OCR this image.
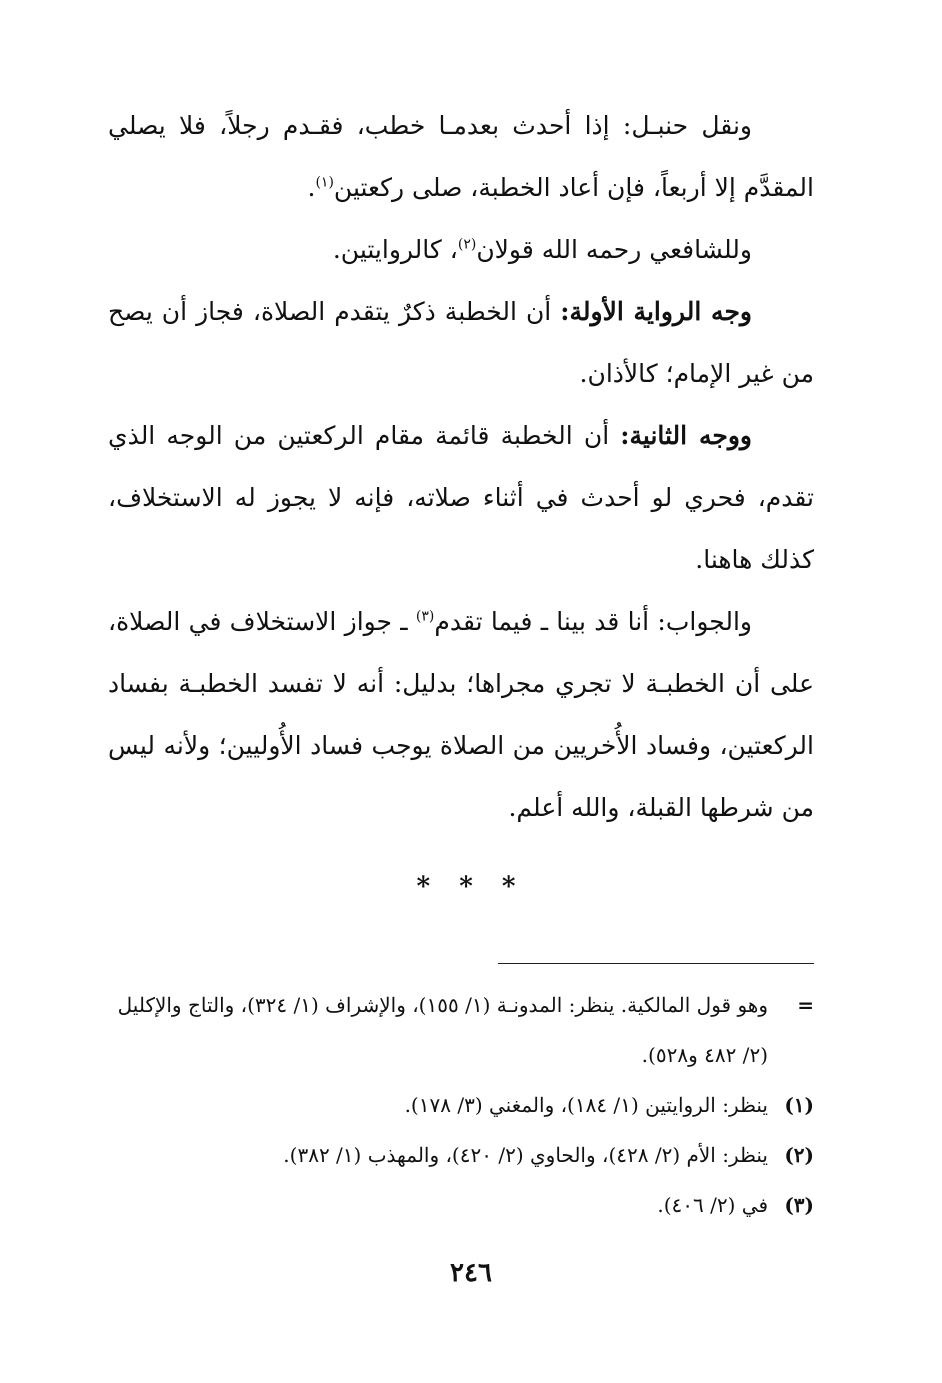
ونقل حنبـل: إذا أحدث بعدمـا خطب، فقـدم رجلاً، فلا يصلي المقدَّم إلا أربعاً، فإن أعاد الخطبة، صلى ركعتين$^{(١)}$.

وللشافعي رحمه الله قولان$^{(٢)}$، كالروايتين.

وجه الرواية الأولة: أن الخطبة ذكرٌ يتقدم الصلاة، فجاز أن يصح من غير الإمام؛ كالأذان.

ووجه الثانية: أن الخطبة قائمة مقام الركعتين من الوجه الذي تقدم، فحري لو أحدث في أثناء صلاته، فإنه لا يجوز له الاستخلاف، كذلك هاهنا.

والجواب: أنا قد بينا ـ فيما تقدم$^{(٣)}$ ـ جواز الاستخلاف في الصلاة، على أن الخطبـة لا تجري مجراها؛ بدليل: أنه لا تفسد الخطبـة بفساد الركعتين، وفساد الأُخريين من الصلاة يوجب فساد الأُوليين؛ ولأنه ليس من شرطها القبلة، والله أعلم.

* * *
=
وهو قول المالكية. ينظر: المدونـة (١/ ١٥٥)، والإشراف (١/ ٣٢٤)، والتاج والإكليل (٢/ ٤٨٢ و٥٢٨).
(١)
ينظر: الروايتين (١/ ١٨٤)، والمغني (٣/ ١٧٨).
(٢)
ينظر: الأم (٢/ ٤٢٨)، والحاوي (٢/ ٤٢٠)، والمهذب (١/ ٣٨٢).
(٣)
في (٢/ ٤٠٦).
٢٤٦
